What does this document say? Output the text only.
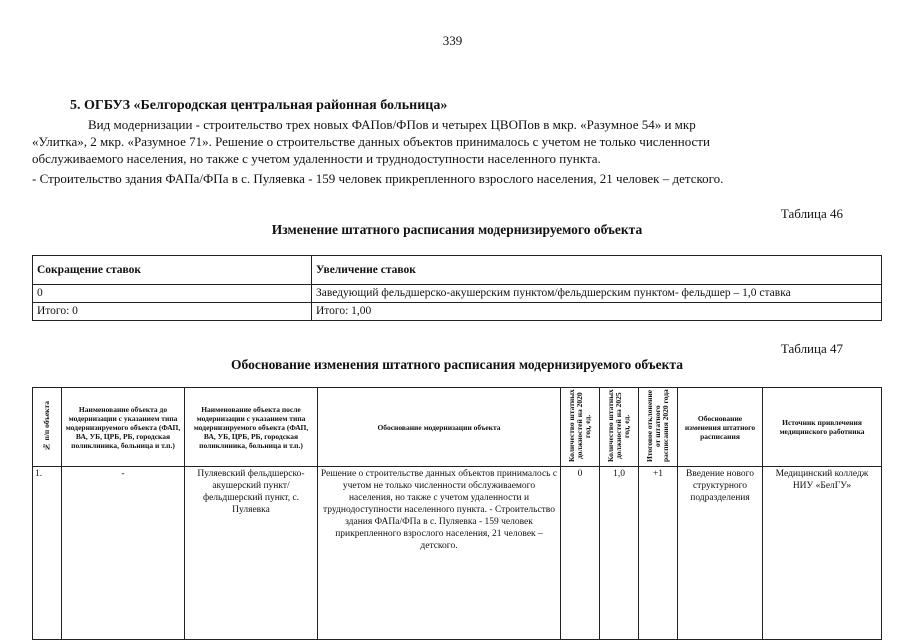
339
5. ОГБУЗ «Белгородская центральная районная больница»
Вид модернизации - строительство трех новых ФАПов/ФПов и четырех ЦВОПов в мкр. «Разумное 54» и мкр
«Улитка», 2 мкр. «Разумное 71». Решение о строительстве данных объектов принималось с учетом не только численности
обслуживаемого населения, но также с учетом удаленности и труднодоступности населенного пункта.
- Строительство здания ФАПа/ФПа в с. Пуляевка - 159 человек прикрепленного взрослого населения, 21 человек – детского.
Таблица 46
Изменение штатного расписания модернизируемого объекта
Сокращение ставок	Увеличение ставок
0	Заведующий фельдшерско-акушерским пунктом/фельдшерским пунктом- фельдшер – 1,0 ставка
Итого: 0	Итого: 1,00
Таблица 47
Обоснование изменения штатного расписания модернизируемого объекта
№ п/п объекта	Наименование объекта до модернизации с указанием типа модернизируемого объекта (ФАП, ВА, УБ, ЦРБ, РБ, городская поликлиника, больница и т.п.)	Наименование объекта после модернизации с указанием типа модернизируемого объекта (ФАП, ВА, УБ, ЦРБ, РБ, городская поликлиника, больница и т.п.)	Обоснование модернизации объекта	Количество штатных должностей на 2020 год, ед.	Количество штатных должностей на 2025 год, ед.	Итоговое отклонение от штатного расписания 2020 года	Обоснование изменения штатного расписания	Источник привлечения медицинского работника
1.	-	Пуляевский фельдшерско-акушерский пункт/ фельдшерский пункт, с. Пуляевка	Решение о строительстве данных объектов принималось с учетом не только численности обслуживаемого населения, но также с учетом удаленности и труднодоступности населенного пункта. - Строительство здания ФАПа/ФПа в с. Пуляевка - 159 человек прикрепленного взрослого населения, 21 человек – детского.	0	1,0	+1	Введение нового структурного подразделения	Медицинский колледж НИУ «БелГУ»
